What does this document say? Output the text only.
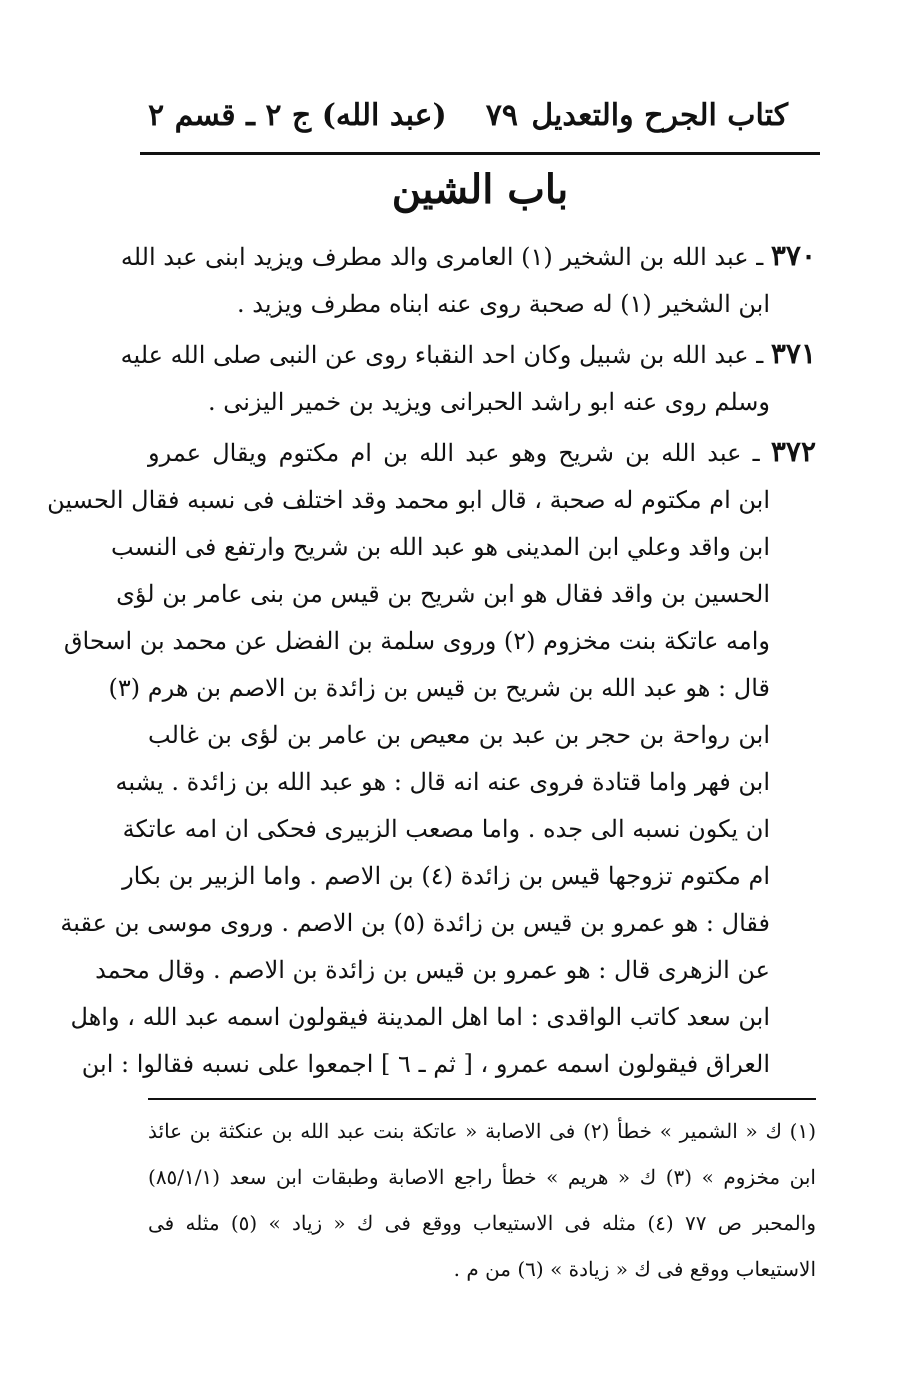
كتاب الجرح والتعديل
٧٩
(عبد الله) ج ٢ ـ قسم ٢
باب الشين
٣٧٠ ـ عبد الله بن الشخير (١) العامرى والد مطرف ويزيد ابنى عبد الله
ابن الشخير (١) له صحبة روى عنه ابناه مطرف ويزيد .
٣٧١ ـ عبد الله بن شبيل وكان احد النقباء روى عن النبى صلى الله عليه
وسلم روى عنه ابو راشد الحبرانى ويزيد بن خمير اليزنى .
٣٧٢ ـ عبد الله بن شريح وهو عبد الله بن ام مكتوم ويقال عمرو
ابن ام مكتوم له صحبة ، قال ابو محمد وقد اختلف فى نسبه فقال الحسين
ابن واقد وعلي ابن المدينى هو عبد الله بن شريح وارتفع فى النسب
الحسين بن واقد فقال هو ابن شريح بن قيس من بنى عامر بن لؤى
وامه عاتكة بنت مخزوم (٢) وروى سلمة بن الفضل عن محمد بن اسحاق
قال : هو عبد الله بن شريح بن قيس بن زائدة بن الاصم بن هرم (٣)
ابن رواحة بن حجر بن عبد بن معيص بن عامر بن لؤى بن غالب
ابن فهر واما قتادة فروى عنه انه قال : هو عبد الله بن زائدة . يشبه
ان يكون نسبه الى جده . واما مصعب الزبيرى فحكى ان امه عاتكة
ام مكتوم تزوجها قيس بن زائدة (٤) بن الاصم . واما الزبير بن بكار
فقال : هو عمرو بن قيس بن زائدة (٥) بن الاصم . وروى موسى بن عقبة
عن الزهرى قال : هو عمرو بن قيس بن زائدة بن الاصم . وقال محمد
ابن سعد كاتب الواقدى : اما اهل المدينة فيقولون اسمه عبد الله ، واهل
العراق فيقولون اسمه عمرو ، [ ثم ـ ٦ ] اجمعوا على نسبه فقالوا : ابن
(١) ك « الشمير » خطأ (٢) فى الاصابة « عاتكة بنت عبد الله بن عنكثة بن عائذ
ابن مخزوم » (٣) ك « هريم » خطأ راجع الاصابة وطبقات ابن سعد (٨٥/١/١)
والمحبر ص ٧٧ (٤) مثله فى الاستيعاب ووقع فى ك « زياد » (٥) مثله فى
الاستيعاب ووقع فى ك « زيادة » (٦) من م .
